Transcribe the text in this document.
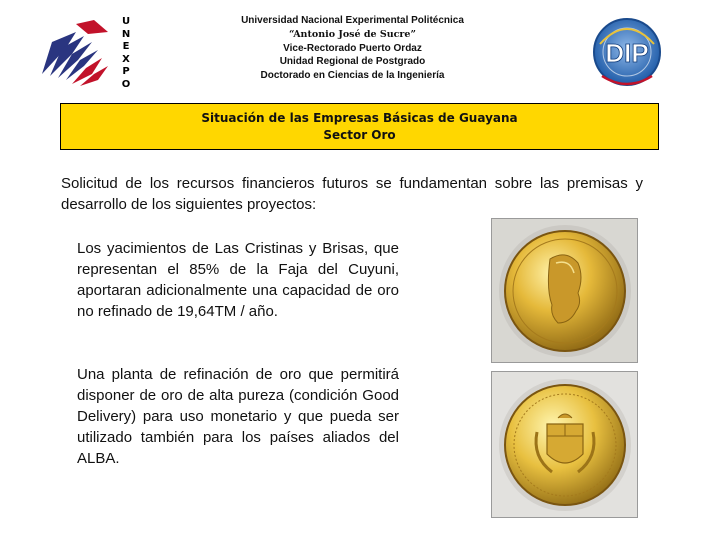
U
N
E
X
P
O
Universidad Nacional Experimental Politécnica
“Antonio José de Sucre”
Vice-Rectorado Puerto Ordaz
Unidad Regional de Postgrado
Doctorado en Ciencias de la Ingeniería
DIP
Situación de las Empresas Básicas de Guayana
Sector Oro
Solicitud de los recursos financieros futuros se fundamentan sobre las premisas y desarrollo de los siguientes proyectos:
Los yacimientos de Las Cristinas y Brisas, que representan el 85% de la Faja del Cuyuni, aportaran adicionalmente una capacidad de oro no refinado de 19,64TM / año.
Una planta de refinación de oro que permitirá disponer de oro de alta pureza (condición Good Delivery) para uso monetario y que pueda ser utilizado también para los países aliados del ALBA.
